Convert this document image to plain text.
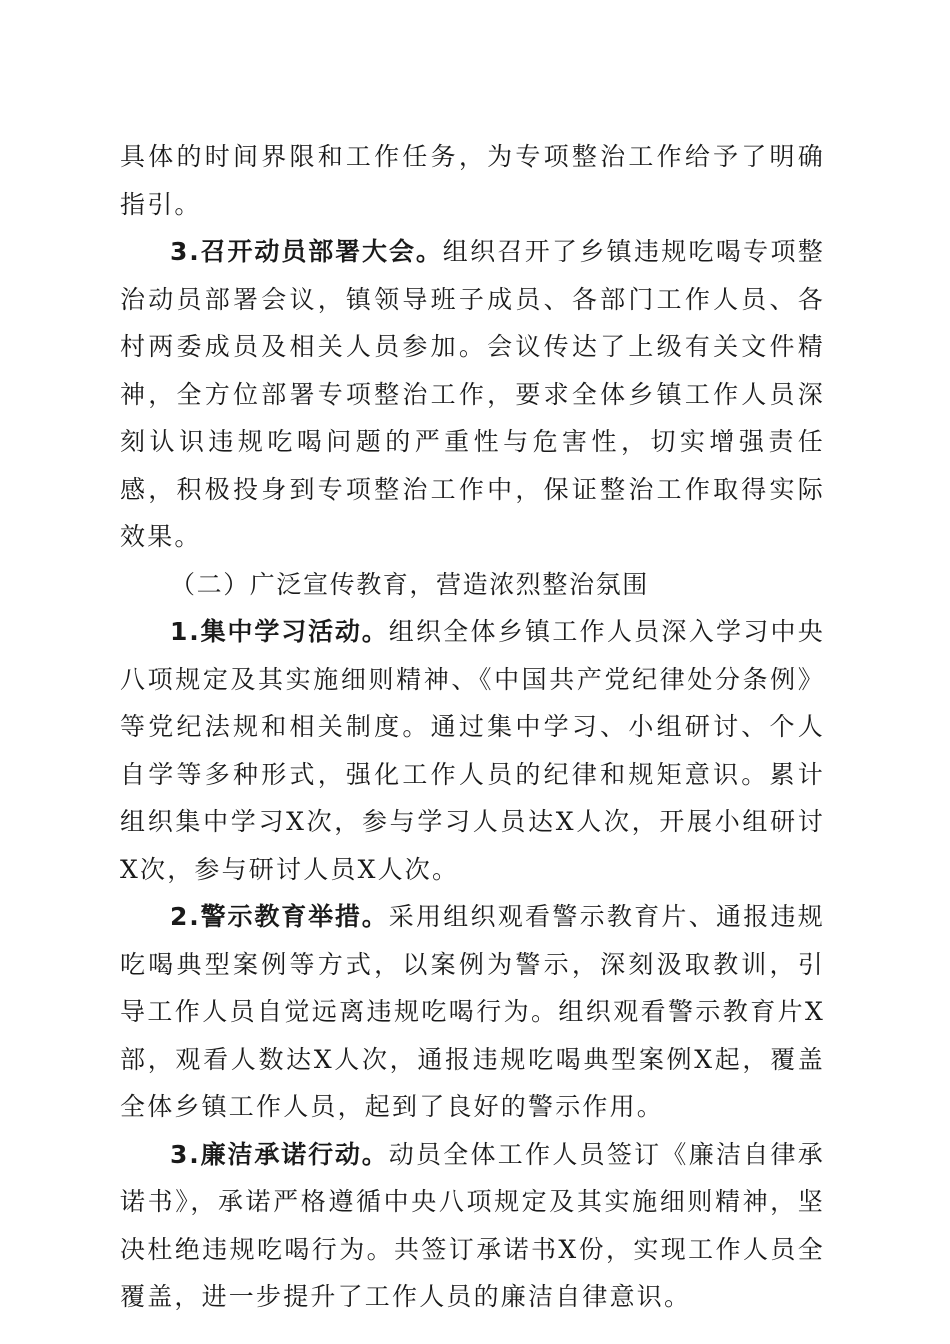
具体的时间界限和工作任务，为专项整治工作给予了明确指引。

3.召开动员部署大会。组织召开了乡镇违规吃喝专项整治动员部署会议，镇领导班子成员、各部门工作人员、各村两委成员及相关人员参加。会议传达了上级有关文件精神，全方位部署专项整治工作，要求全体乡镇工作人员深刻认识违规吃喝问题的严重性与危害性，切实增强责任感，积极投身到专项整治工作中，保证整治工作取得实际效果。

（二）广泛宣传教育，营造浓烈整治氛围

1.集中学习活动。组织全体乡镇工作人员深入学习中央八项规定及其实施细则精神、《中国共产党纪律处分条例》等党纪法规和相关制度。通过集中学习、小组研讨、个人自学等多种形式，强化工作人员的纪律和规矩意识。累计组织集中学习X次，参与学习人员达X人次，开展小组研讨X次，参与研讨人员X人次。

2.警示教育举措。采用组织观看警示教育片、通报违规吃喝典型案例等方式，以案例为警示，深刻汲取教训，引导工作人员自觉远离违规吃喝行为。组织观看警示教育片X部，观看人数达X人次，通报违规吃喝典型案例X起，覆盖全体乡镇工作人员，起到了良好的警示作用。

3.廉洁承诺行动。动员全体工作人员签订《廉洁自律承诺书》，承诺严格遵循中央八项规定及其实施细则精神，坚决杜绝违规吃喝行为。共签订承诺书X份，实现工作人员全覆盖，进一步提升了工作人员的廉洁自律意识。
